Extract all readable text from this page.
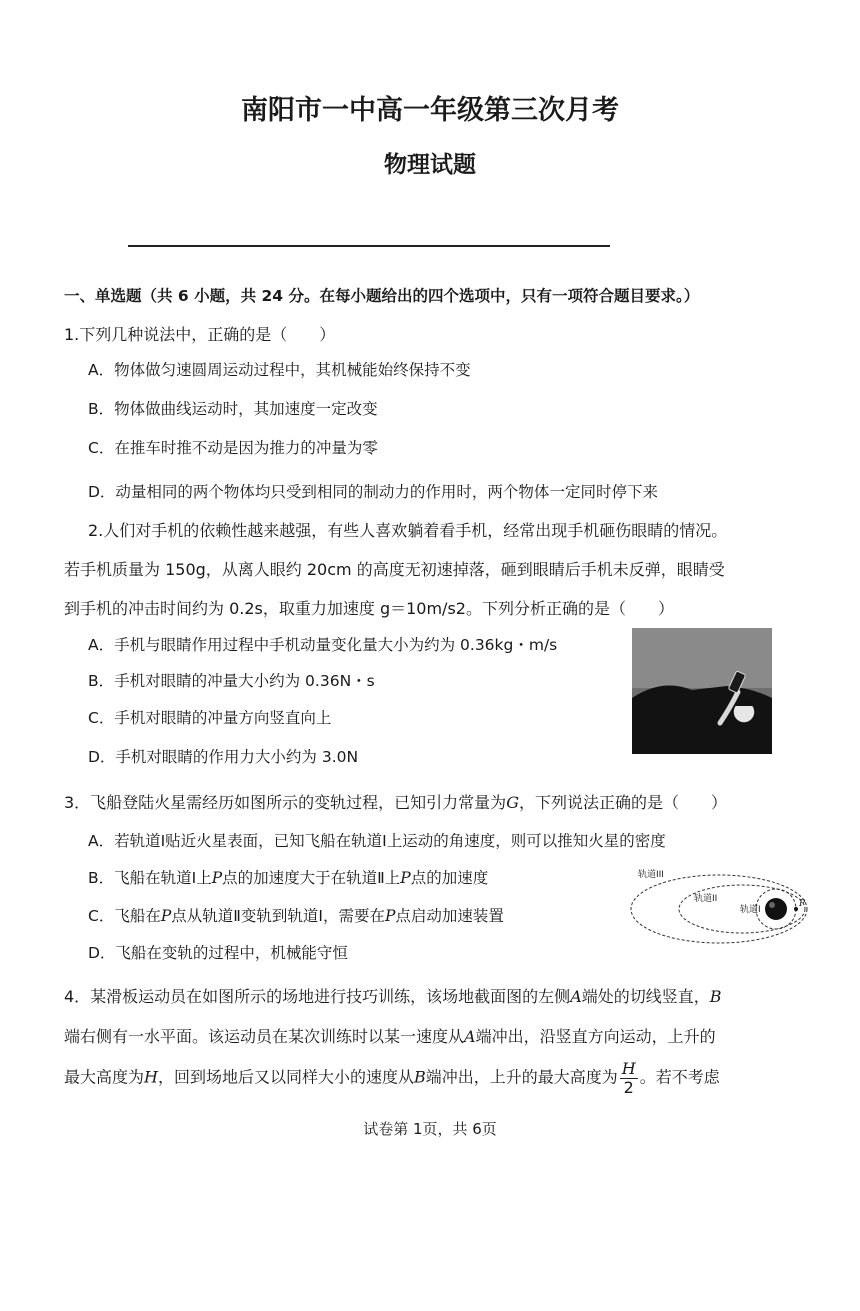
南阳市一中高一年级第三次月考
物理试题
一、单选题（共 6 小题，共 24 分。在每小题给出的四个选项中，只有一项符合题目要求。）
1.下列几种说法中，正确的是（　　）
A．物体做匀速圆周运动过程中，其机械能始终保持不变
B．物体做曲线运动时，其加速度一定改变
C．在推车时推不动是因为推力的冲量为零
D．动量相同的两个物体均只受到相同的制动力的作用时，两个物体一定同时停下来
2.人们对手机的依赖性越来越强，有些人喜欢躺着看手机，经常出现手机砸伤眼睛的情况。
若手机质量为 150g，从离人眼约 20cm 的高度无初速掉落，砸到眼睛后手机未反弹，眼睛受
到手机的冲击时间约为 0.2s，取重力加速度 g＝10m/s2。下列分析正确的是（　　）
A．手机与眼睛作用过程中手机动量变化量大小为约为 0.36kg・m/s
B．手机对眼睛的冲量大小约为 0.36N・s
C．手机对眼睛的冲量方向竖直向上
D．手机对眼睛的作用力大小约为 3.0N
3．飞船登陆火星需经历如图所示的变轨过程，已知引力常量为G，下列说法正确的是（　　）
A．若轨道Ⅰ贴近火星表面，已知飞船在轨道Ⅰ上运动的角速度，则可以推知火星的密度
B．飞船在轨道Ⅰ上P点的加速度大于在轨道Ⅱ上P点的加速度
C．飞船在P点从轨道Ⅱ变轨到轨道Ⅰ，需要在P点启动加速装置
D．飞船在变轨的过程中，机械能守恒
轨道III
轨道II
轨道I
P
4．某滑板运动员在如图所示的场地进行技巧训练，该场地截面图的左侧A端处的切线竖直，B
端右侧有一水平面。该运动员在某次训练时以某一速度从A端冲出，沿竖直方向运动，上升的
最大高度为H，回到场地后又以同样大小的速度从B端冲出，上升的最大高度为 $\frac{H}{2}$ 。若不考虑
试卷第 1页，共 6页
